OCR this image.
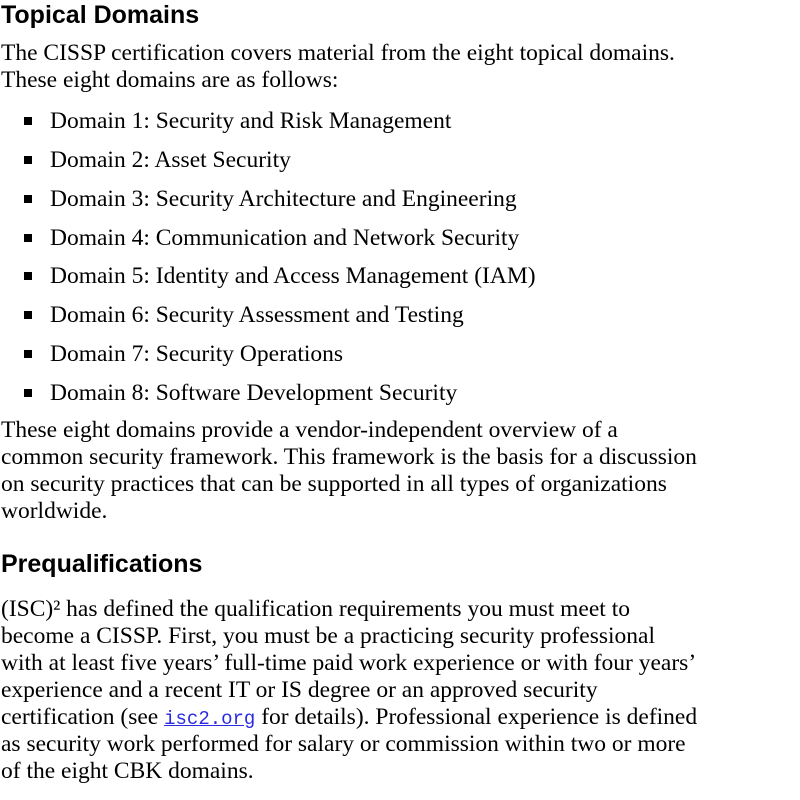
Topical Domains

The CISSP certification covers material from the eight topical domains.

These eight domains are as follows:

Domain 1: Security and Risk Management
Domain 2: Asset Security
Domain 3: Security Architecture and Engineering
Domain 4: Communication and Network Security
Domain 5: Identity and Access Management (IAM)
Domain 6: Security Assessment and Testing
Domain 7: Security Operations
Domain 8: Software Development Security

These eight domains provide a vendor-independent overview of a

common security framework. This framework is the basis for a discussion

on security practices that can be supported in all types of organizations

worldwide.

Prequalifications

(ISC)² has defined the qualification requirements you must meet to

become a CISSP. First, you must be a practicing security professional

with at least five years’ full-time paid work experience or with four years’

experience and a recent IT or IS degree or an approved security

certification (see isc2.org for details). Professional experience is defined

as security work performed for salary or commission within two or more

of the eight CBK domains.
